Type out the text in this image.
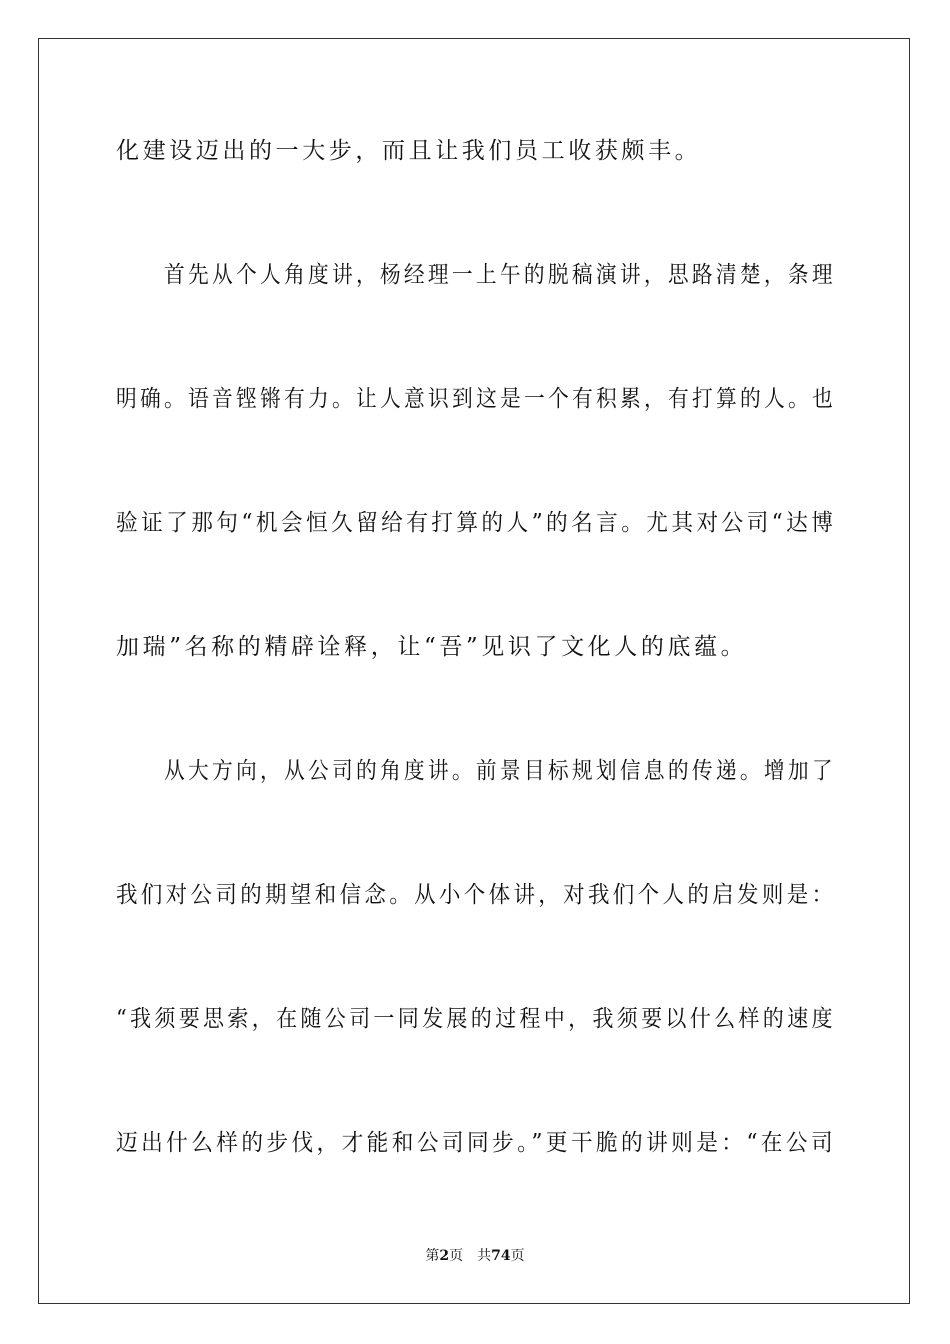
化建设迈出的一大步，而且让我们员工收获颇丰。
首先从个人角度讲，杨经理一上午的脱稿演讲，思路清楚，条理
明确。语音铿锵有力。让人意识到这是一个有积累，有打算的人。也
验证了那句“机会恒久留给有打算的人”的名言。尤其对公司“达博
加瑞”名称的精辟诠释，让“吾”见识了文化人的底蕴。
从大方向，从公司的角度讲。前景目标规划信息的传递。增加了
我们对公司的期望和信念。从小个体讲，对我们个人的启发则是：
“我须要思索，在随公司一同发展的过程中，我须要以什么样的速度
迈出什么样的步伐，才能和公司同步。”更干脆的讲则是：“在公司
第2页 共74页
